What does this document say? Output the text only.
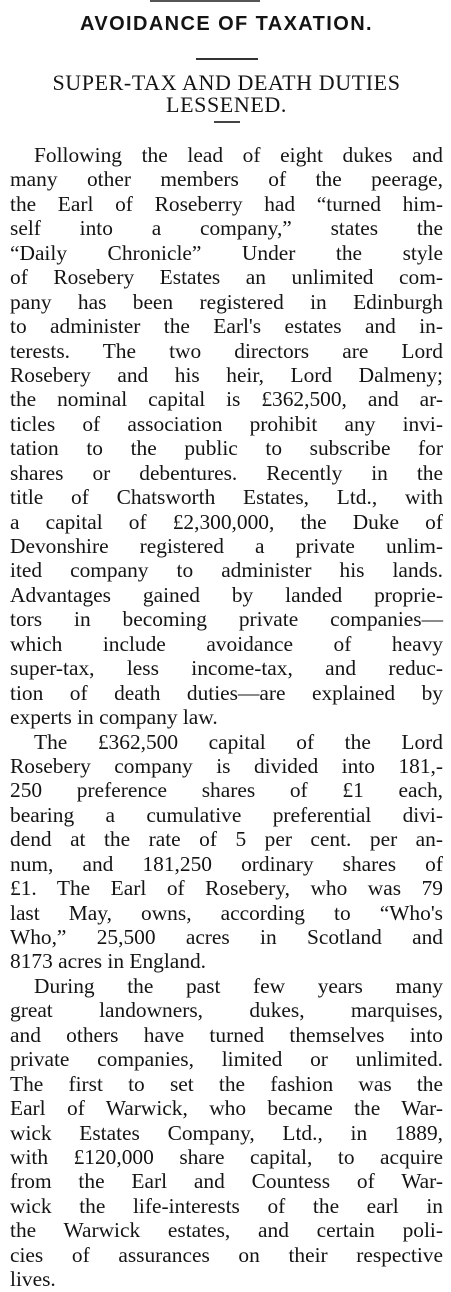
AVOIDANCE OF TAXATION.
SUPER-TAX AND DEATH DUTIES
LESSENED.
Following the lead of eight dukes and
many other members of the peerage,
the Earl of Roseberry had “turned him-
self into a company,” states the
“Daily Chronicle” Under the style
of Rosebery Estates an unlimited com-
pany has been registered in Edinburgh
to administer the Earl's estates and in-
terests. The two directors are Lord
Rosebery and his heir, Lord Dalmeny;
the nominal capital is £362,500, and ar-
ticles of association prohibit any invi-
tation to the public to subscribe for
shares or debentures. Recently in the
title of Chatsworth Estates, Ltd., with
a capital of £2,300,000, the Duke of
Devonshire registered a private unlim-
ited company to administer his lands.
Advantages gained by landed proprie-
tors in becoming private companies—
which include avoidance of heavy
super-tax, less income-tax, and reduc-
tion of death duties—are explained by
experts in company law.
The £362,500 capital of the Lord
Rosebery company is divided into 181,-
250 preference shares of £1 each,
bearing a cumulative preferential divi-
dend at the rate of 5 per cent. per an-
num, and 181,250 ordinary shares of
£1. The Earl of Rosebery, who was 79
last May, owns, according to “Who's
Who,” 25,500 acres in Scotland and
8173 acres in England.
During the past few years many
great landowners, dukes, marquises,
and others have turned themselves into
private companies, limited or unlimited.
The first to set the fashion was the
Earl of Warwick, who became the War-
wick Estates Company, Ltd., in 1889,
with £120,000 share capital, to acquire
from the Earl and Countess of War-
wick the life-interests of the earl in
the Warwick estates, and certain poli-
cies of assurances on their respective
lives.
